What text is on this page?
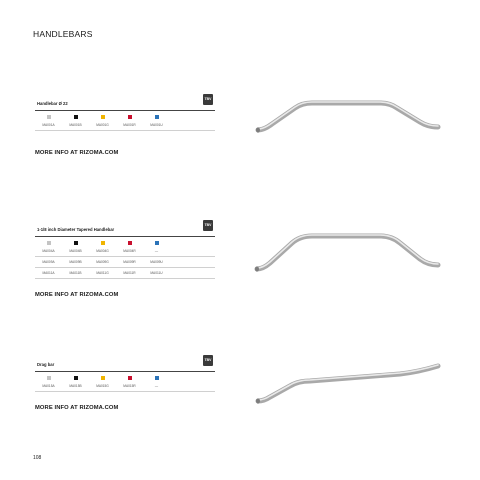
HANDLEBARS
Handlebar Ø 22
TBV
MA001A	MA001B	MA001G	MA001R	MA001U
MORE INFO AT RIZOMA.COM
1-1/8 inch Diameter Tapered Handlebar
TBV
MA004A	MA004B	MA004G	MA004R	—
MA009A	MA009B	MA009G	MA009R	MA009U
MA011A	MA011B	MA011G	MA011R	MA011U
MORE INFO AT RIZOMA.COM
Drag bar
TBV
MA015A	MA015B	MA015G	MA015R	—
MORE INFO AT RIZOMA.COM
108
